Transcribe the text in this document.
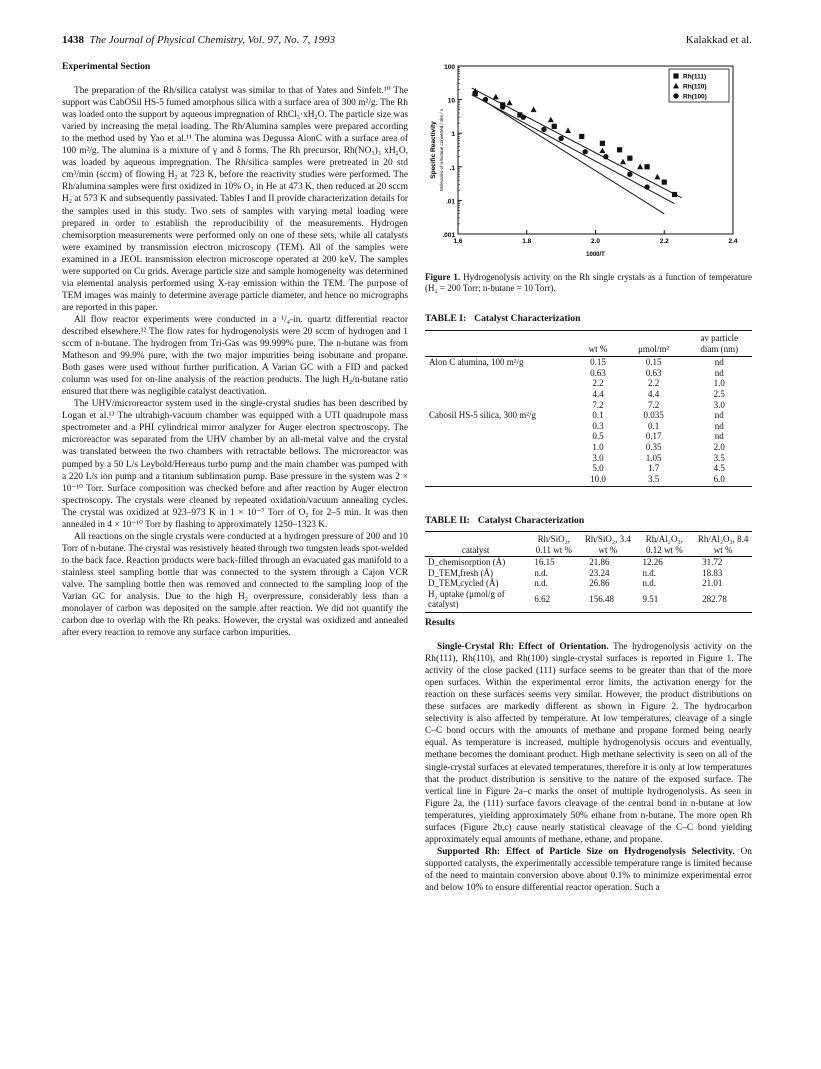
1438 The Journal of Physical Chemistry, Vol. 97, No. 7, 1993	Kalakkad et al.
Experimental Section

The preparation of the Rh/silica catalyst was similar to that of Yates and Sinfelt.¹⁰ The support was CabOSil HS-5 fumed amorphous silica with a surface area of 300 m²/g. The Rh was loaded onto the support by aqueous impregnation of RhCl₃·xH₂O. The particle size was varied by increasing the metal loading. The Rh/Alumina samples were prepared according to the method used by Yao et al.¹¹ The alumina was Degussa AlonC with a surface area of 100 m²/g. The alumina is a mixture of γ and δ forms. The Rh precursor, Rh(NO₃)₃ xH₂O, was loaded by aqueous impregnation. The Rh/silica samples were pretreated in 20 std cm³/min (sccm) of flowing H₂ at 723 K, before the reactivity studies were performed. The Rh/alumina samples were first oxidized in 10% O₂ in He at 473 K, then reduced at 20 sccm H₂ at 573 K and subsequently passivated. Tables I and II provide characterization details for the samples used in this study. Two sets of samples with varying metal loading were prepared in order to establish the reproducibility of the measurements. Hydrogen chemisorption measurements were performed only on one of these sets, while all catalysts were examined by transmission electron microscopy (TEM). All of the samples were examined in a JEOL transmission electron microscope operated at 200 keV. The samples were supported on Cu grids. Average particle size and sample homogeneity was determined via elemental analysis performed using X-ray emission within the TEM. The purpose of TEM images was mainly to determine average particle diameter, and hence no micrographs are reported in this paper.

All flow reactor experiments were conducted in a ¹/₄-in. quartz differential reactor described elsewhere.¹² The flow rates for hydrogenolysis were 20 sccm of hydrogen and 1 sccm of n-butane. The hydrogen from Tri-Gas was 99.999% pure. The n-butane was from Matheson and 99.9% pure, with the two major impurities being isobutane and propane. Both gases were used without further purification. A Varian GC with a FID and packed column was used for on-line analysis of the reaction products. The high H₂/n-butane ratio ensured that there was negligible catalyst deactivation.

The UHV/microreactor system used in the single-crystal studies has been described by Logan et al.¹³ The ultrahigh-vacuum chamber was equipped with a UTI quadrupole mass spectrometer and a PHI cylindrical mirror analyzer for Auger electron spectroscopy. The microreactor was separated from the UHV chamber by an all-metal valve and the crystal was translated between the two chambers with retractable bellows. The microreactor was pumped by a 50 L/s Leybold/Hereaus turbo pump and the main chamber was pumped with a 220 L/s ion pump and a titanium sublimation pump. Base pressure in the system was 2 × 10⁻¹⁰ Torr. Surface composition was checked before and after reaction by Auger electron spectroscopy. The crystals were cleaned by repeated oxidation/vacuum annealing cycles. The crystal was oxidized at 923–973 K in 1 × 10⁻⁷ Torr of O₂ for 2–5 min. It was then annealed in 4 × 10⁻¹⁰ Torr by flashing to approximately 1250–1323 K.

All reactions on the single crystals were conducted at a hydrogen pressure of 200 and 10 Torr of n-butane. The crystal was resistively heated through two tungsten leads spot-welded to the back face. Reaction products were back-filled through an evacuated gas manifold to a stainless steel sampling bottle that was connected to the system through a Cajon VCR valve. The sampling bottle then was removed and connected to the sampling loop of the Varian GC for analysis. Due to the high H₂ overpressure, considerably less than a monolayer of carbon was deposited on the sample after reaction. We did not quantify the carbon due to overlap with the Rh peaks. However, the crystal was oxidized and annealed after every reaction to remove any surface carbon impurities.

100
10
1
.1
.01
.001
1.6	1.8	2.0	2.2	2.4
1000/T
Specific Reactivity Molecules of n-butane converted / site / s
Rh(111)
Rh(110)
Rh(100)
Figure 1. Hydrogenolysis activity on the Rh single crystals as a function of temperature (H₂ = 200 Torr; n-butane = 10 Torr).
TABLE I: Catalyst Characterization

	wt %	μmol/m²	av particle diam (nm)
Alon C alumina, 100 m²/g	0.15	0.15	nd
	0.63	0.63	nd
	2.2	2.2	1.0
	4.4	4.4	2.5
	7.2	7.2	3.0
Cabosil HS-5 silica, 300 m²/g	0.1	0.035	nd
	0.3	0.1	nd
	0.5	0.17	nd
	1.0	0.35	2.0
	3.0	1.05	3.5
	5.0	1.7	4.5
	10.0	3.5	6.0
TABLE II: Catalyst Characterization

catalyst	Rh/SiO₂, 0.11 wt %	Rh/SiO₂, 3.4 wt %	Rh/Al₂O₃, 0.12 wt %	Rh/Al₂O₃, 8.4 wt %
D_chemisorption (Å)	16.15	21.86	12.26	31.72
D_TEM,fresh (Å)	n.d.	23.24	n.d.	18.83
D_TEM,cycled (Å)	n.d.	26.86	n.d.	21.01
H₂ uptake (μmol/g of catalyst)	6.62	156.48	9.51	282.78
Results

Single-Crystal Rh: Effect of Orientation. The hydrogenolysis activity on the Rh(111), Rh(110), and Rh(100) single-crystal surfaces is reported in Figure 1. The activity of the close packed (111) surface seems to be greater than that of the more open surfaces. Within the experimental error limits, the activation energy for the reaction on these surfaces seems very similar. However, the product distributions on these surfaces are markedly different as shown in Figure 2. The hydrocarbon selectivity is also affected by temperature. At low temperatures, cleavage of a single C–C bond occurs with the amounts of methane and propane formed being nearly equal. As temperature is increased, multiple hydrogenolysis occurs and eventually, methane becomes the dominant product. High methane selectivity is seen on all of the single-crystal surfaces at elevated temperatures, therefore it is only at low temperatures that the product distribution is sensitive to the nature of the exposed surface. The vertical line in Figure 2a–c marks the onset of multiple hydrogenolysis. As seen in Figure 2a, the (111) surface favors cleavage of the central bond in n-butane at low temperatures, yielding approximately 50% ethane from n-butane. The more open Rh surfaces (Figure 2b,c) cause nearly statistical cleavage of the C–C bond yielding approximately equal amounts of methane, ethane, and propane.

Supported Rh: Effect of Particle Size on Hydrogenolysis Selectivity. On supported catalysts, the experimentally accessible temperature range is limited because of the need to maintain conversion above about 0.1% to minimize experimental error and below 10% to ensure differential reactor operation. Such a
